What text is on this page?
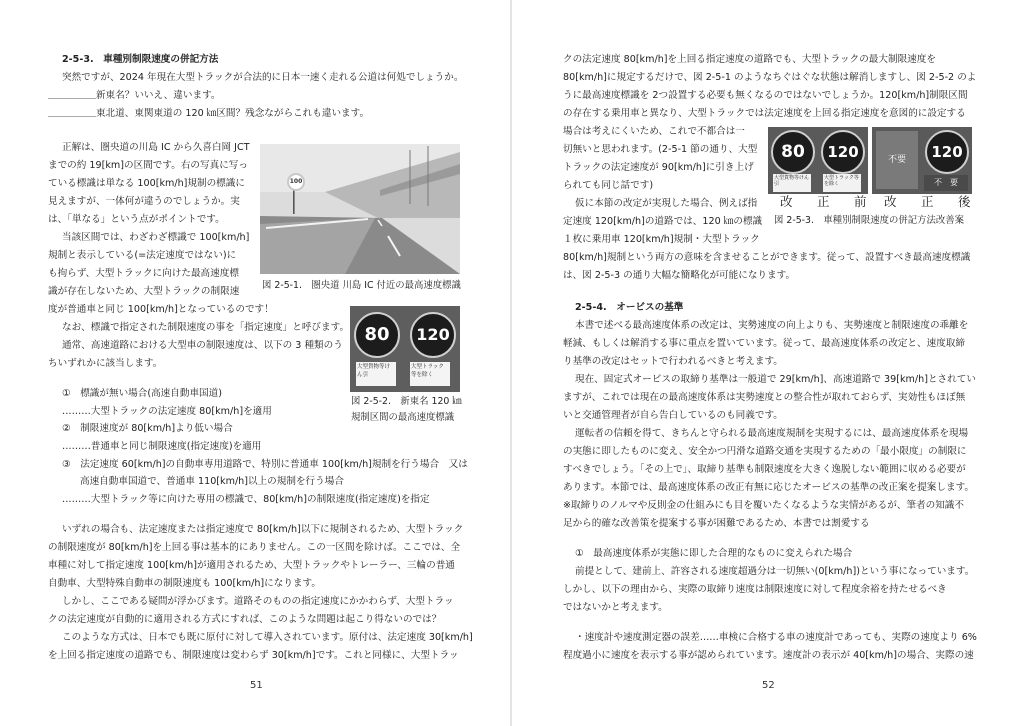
2-5-3.　車種別制限速度の併記方法
突然ですが、2024 年現在大型トラックが合法的に日本一速く走れる公道は何処でしょうか。
＿＿＿＿＿新東名？いいえ、違います。
＿＿＿＿＿東北道、東関東道の 120 ㎞区間？残念ながらこれも違います。
正解は、圏央道の川島 IC から久喜白岡 JCT
までの約 19[km]の区間です。右の写真に写っ
ている標識は単なる 100[km/h]規制の標識に
見えますが、一体何が違うのでしょうか。実
は、「単なる」という点がポイントです。
当該区間では、わざわざ標識で 100[km/h]
規制と表示している(=法定速度ではない)に
も拘らず、大型トラックに向けた最高速度標
識が存在しないため、大型トラックの制限速
度が普通車と同じ 100[km/h]となっているのです！
なお、標識で指定された制限速度の事を「指定速度」と呼びます。
通常、高速道路における大型車の制限速度は、以下の 3 種類のう
ちいずれかに該当します。
100
図 2-5-1.　圏央道 川島 IC 付近の最高速度標識
80	120
大型貨物等けん引
大型トラック等を除く
図 2-5-2.　新東名 120 ㎞
規制区間の最高速度標識
①　標識が無い場合(高速自動車国道)
………大型トラックの法定速度 80[km/h]を適用
②　制限速度が 80[km/h]より低い場合
………普通車と同じ制限速度(指定速度)を適用
③　法定速度 60[km/h]の自動車専用道路で、特別に普通車 100[km/h]規制を行う場合　又は
高速自動車国道で、普通車 110[km/h]以上の規制を行う場合
………大型トラック等に向けた専用の標識で、80[km/h]の制限速度(指定速度)を指定
いずれの場合も、法定速度または指定速度で 80[km/h]以下に規制されるため、大型トラック
の制限速度が 80[km/h]を上回る事は基本的にありません。この一区間を除けば。ここでは、全
車種に対して指定速度 100[km/h]が適用されるため、大型トラックやトレーラー、三輪の普通
自動車、大型特殊自動車の制限速度も 100[km/h]になります。
しかし、ここである疑問が浮かびます。道路そのものの指定速度にかかわらず、大型トラッ
クの法定速度が自動的に適用される方式にすれば、このような問題は起こり得ないのでは？
このような方式は、日本でも既に原付に対して導入されています。原付は、法定速度 30[km/h]
を上回る指定速度の道路でも、制限速度は変わらず 30[km/h]です。これと同様に、大型トラッ
51
クの法定速度 80[km/h]を上回る指定速度の道路でも、大型トラックの最大制限速度を
80[km/h]に規定するだけで、図 2-5-1 のようなちぐはぐな状態は解消しますし、図 2-5-2 のよ
うに最高速度標識を 2つ設置する必要も無くなるのではないでしょうか。120[km/h]制限区間
の存在する乗用車と異なり、大型トラックでは法定速度を上回る指定速度を意図的に設定する
場合は考えにくいため、これで不都合は一
切無いと思われます。(2-5-1 節の通り、大型
トラックの法定速度が 90[km/h]に引き上げ
られても同じ話です)
仮に本節の改定が実現した場合、例えば指
定速度 120[km/h]の道路では、120 ㎞の標識
１枚に乗用車 120[km/h]規制・大型トラック
80[km/h]規制という両方の意味を含ませることができます。従って、設置すべき最高速度標識
は、図 2-5-3 の通り大幅な簡略化が可能になります。
80	120
大型貨物等けん引
大型トラック等を除く
不要	120
不　要
改　正　前 改　正　後
図 2-5-3.　車種別制限速度の併記方法改善案
2-5-4.　オービスの基準
本書で述べる最高速度体系の改定は、実勢速度の向上よりも、実勢速度と制限速度の乖離を
軽減、もしくは解消する事に重点を置いています。従って、最高速度体系の改定と、速度取締
り基準の改定はセットで行われるべきと考えます。
現在、固定式オービスの取締り基準は一般道で 29[km/h]、高速道路で 39[km/h]とされてい
ますが、これでは現在の最高速度体系は実勢速度との整合性が取れておらず、実効性もほぼ無
いと交通管理者が自ら告白しているのも同義です。
運転者の信頼を得て、きちんと守られる最高速度規制を実現するには、最高速度体系を現場
の実態に即したものに変え、安全かつ円滑な道路交通を実現するための「最小限度」の制限に
すべきでしょう。「その上で」、取締り基準も制限速度を大きく逸脱しない範囲に収める必要が
あります。本節では、最高速度体系の改正有無に応じたオービスの基準の改正案を提案します。
※取締りのノルマや反則金の仕組みにも目を覆いたくなるような実情があるが、筆者の知識不
足から的確な改善策を提案する事が困難であるため、本書では割愛する
①　最高速度体系が実態に即した合理的なものに変えられた場合
前提として、建前上、許容される速度超過分は一切無い(0[km/h])という事になっています。
しかし、以下の理由から、実際の取締り速度は制限速度に対して程度余裕を持たせるべき
ではないかと考えます。
・速度計や速度測定器の誤差……車検に合格する車の速度計であっても、実際の速度より 6%
程度過小に速度を表示する事が認められています。速度計の表示が 40[km/h]の場合、実際の速
52
